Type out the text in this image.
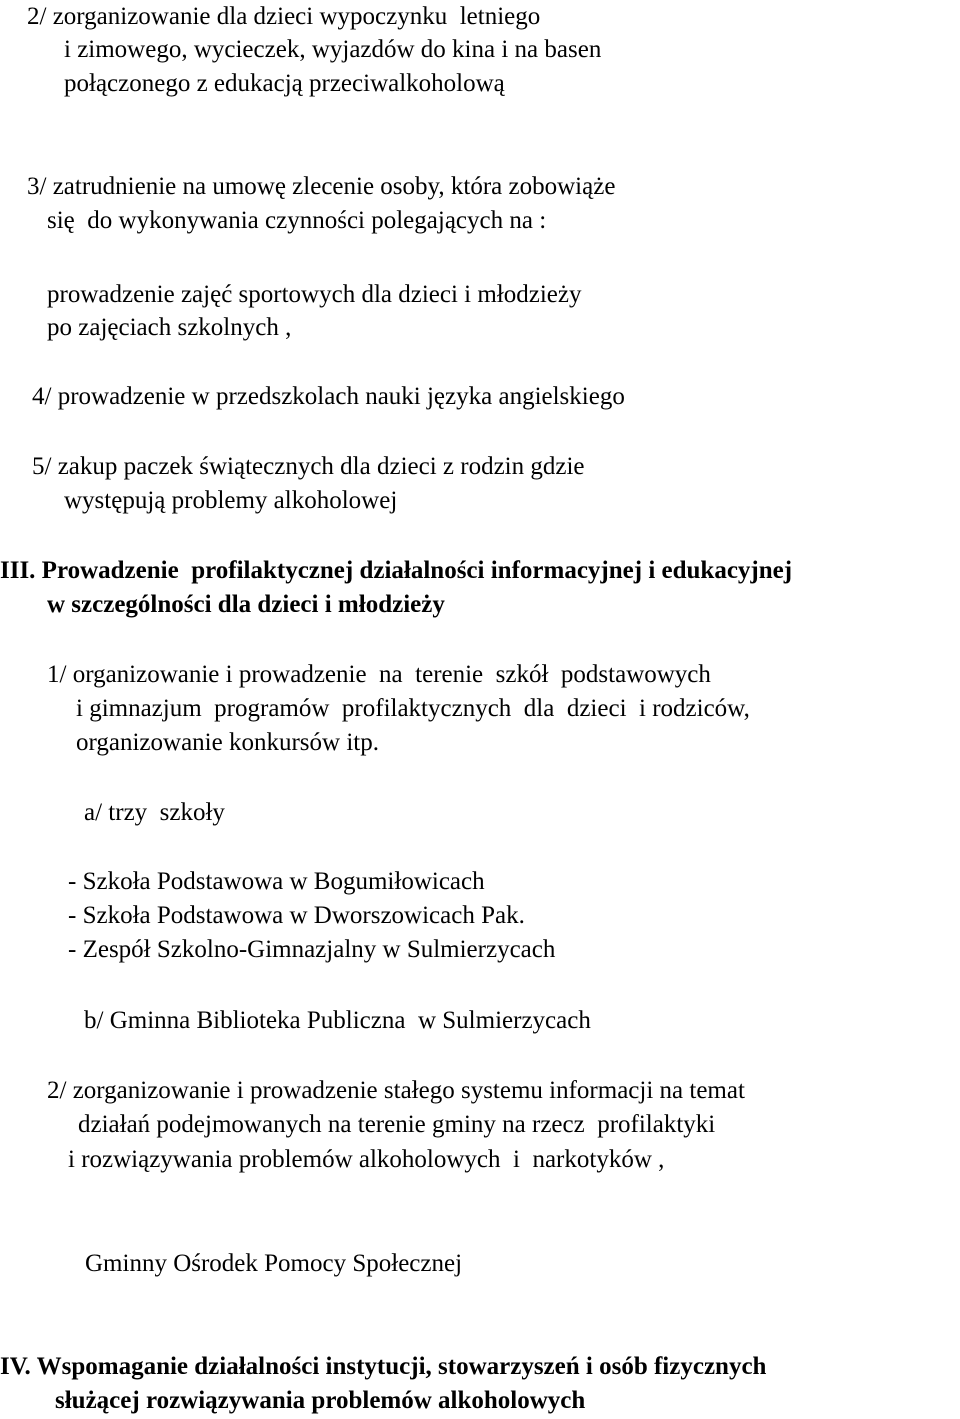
2/ zorganizowanie dla dzieci wypoczynku  letniego
i zimowego, wycieczek, wyjazdów do kina i na basen
połączonego z edukacją przeciwalkoholową
3/ zatrudnienie na umowę zlecenie osoby, która zobowiąże
się  do wykonywania czynności polegających na :
prowadzenie zajęć sportowych dla dzieci i młodzieży
po zajęciach szkolnych ,
4/ prowadzenie w przedszkolach nauki języka angielskiego
5/ zakup paczek świątecznych dla dzieci z rodzin gdzie
występują problemy alkoholowej
III. Prowadzenie  profilaktycznej działalności informacyjnej i edukacyjnej
w szczególności dla dzieci i młodzieży
1/ organizowanie i prowadzenie  na  terenie  szkół  podstawowych
i gimnazjum  programów  profilaktycznych  dla  dzieci  i rodziców,
organizowanie konkursów itp.
a/ trzy  szkoły
- Szkoła Podstawowa w Bogumiłowicach
- Szkoła Podstawowa w Dworszowicach Pak.
- Zespół Szkolno-Gimnazjalny w Sulmierzycach
b/ Gminna Biblioteka Publiczna  w Sulmierzycach
2/ zorganizowanie i prowadzenie stałego systemu informacji na temat
działań podejmowanych na terenie gminy na rzecz  profilaktyki
i rozwiązywania problemów alkoholowych  i  narkotyków ,
Gminny Ośrodek Pomocy Społecznej
IV. Wspomaganie działalności instytucji, stowarzyszeń i osób fizycznych
służącej rozwiązywania problemów alkoholowych
